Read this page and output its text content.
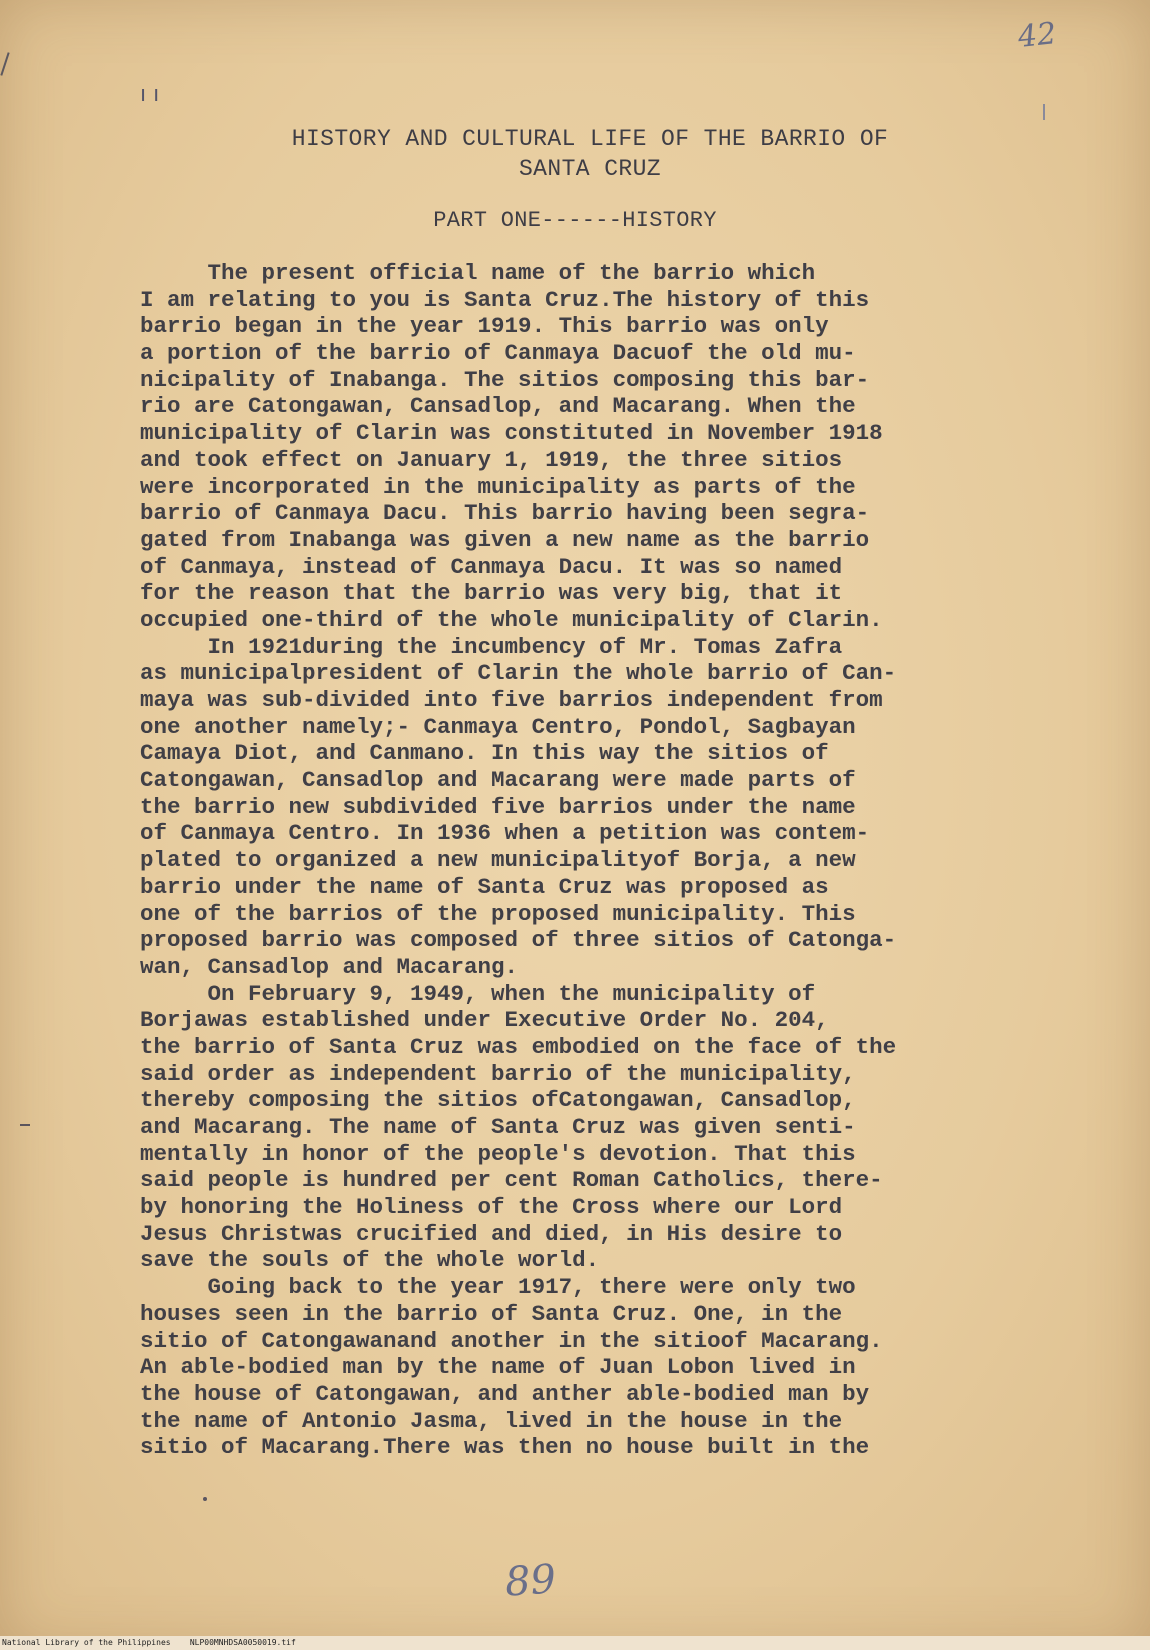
ı ı
42
HISTORY AND CULTURAL LIFE OF THE BARRIO OF
SANTA CRUZ
PART ONE------HISTORY
The present official name of the barrio which
I am relating to you is Santa Cruz.The history of this
barrio began in the year 1919. This barrio was only
a portion of the barrio of Canmaya Dacuof the old mu-
nicipality of Inabanga. The sitios composing this bar-
rio are Catongawan, Cansadlop, and Macarang. When the
municipality of Clarin was constituted in November 1918
and took effect on January 1, 1919, the three sitios
were incorporated in the municipality as parts of the
barrio of Canmaya Dacu. This barrio having been segra-
gated from Inabanga was given a new name as the barrio
of Canmaya, instead of Canmaya Dacu. It was so named
for the reason that the barrio was very big, that it
occupied one-third of the whole municipality of Clarin.
In 1921during the incumbency of Mr. Tomas Zafra
as municipalpresident of Clarin the whole barrio of Can-
maya was sub-divided into five barrios independent from
one another namely;- Canmaya Centro, Pondol, Sagbayan
Camaya Diot, and Canmano. In this way the sitios of
Catongawan, Cansadlop and Macarang were made parts of
the barrio new subdivided five barrios under the name
of Canmaya Centro. In 1936 when a petition was contem-
plated to organized a new municipalityof Borja, a new
barrio under the name of Santa Cruz was proposed as
one of the barrios of the proposed municipality. This
proposed barrio was composed of three sitios of Catonga-
wan, Cansadlop and Macarang.
On February 9, 1949, when the municipality of
Borjawas established under Executive Order No. 204,
the barrio of Santa Cruz was embodied on the face of the
said order as independent barrio of the municipality,
thereby composing the sitios ofCatongawan, Cansadlop,
and Macarang. The name of Santa Cruz was given senti-
mentally in honor of the people's devotion. That this
said people is hundred per cent Roman Catholics, there-
by honoring the Holiness of the Cross where our Lord
Jesus Christwas crucified and died, in His desire to
save the souls of the whole world.
Going back to the year 1917, there were only two
houses seen in the barrio of Santa Cruz. One, in the
sitio of Catongawanand another in the sitioof Macarang.
An able-bodied man by the name of Juan Lobon lived in
the house of Catongawan, and anther able-bodied man by
the name of Antonio Jasma, lived in the house in the
sitio of Macarang.There was then no house built in the
89
National Library of the Philippines    NLP00MNHDSA0050019.tif
